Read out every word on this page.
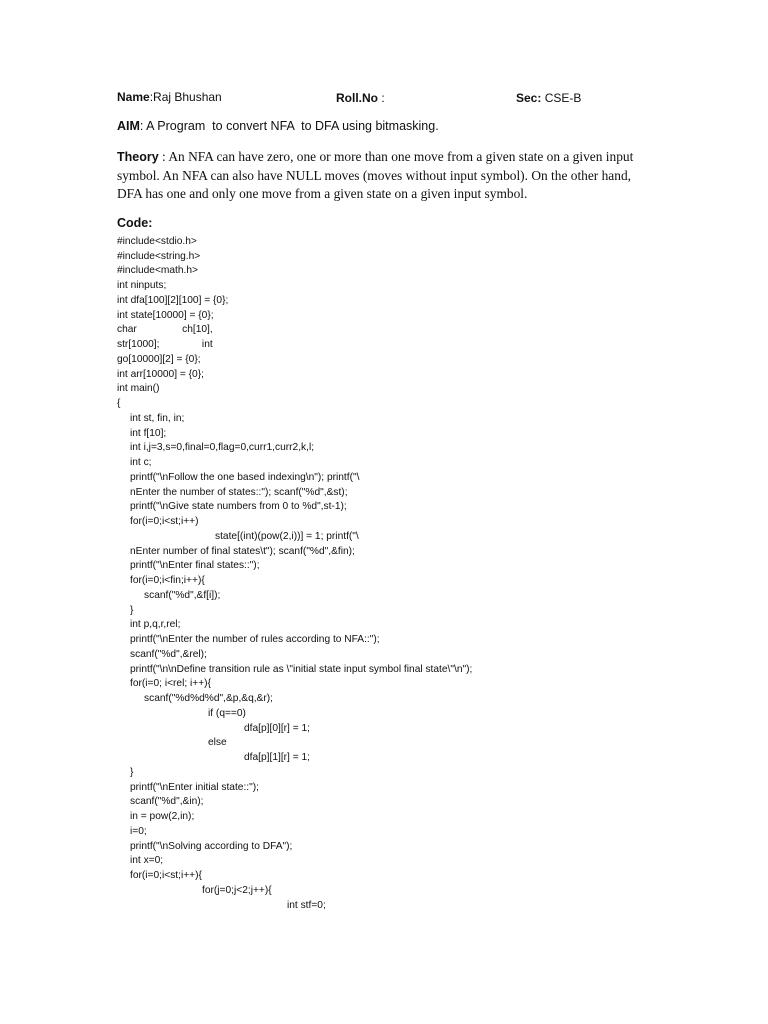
Name:Raj Bhushan	Roll.No :	Sec: CSE-B
AIM: A Program  to convert NFA  to DFA using bitmasking.
Theory : An NFA can have zero, one or more than one move from a given state on a given input symbol. An NFA can also have NULL moves (moves without input symbol). On the other hand, DFA has one and only one move from a given state on a given input symbol.
Code:
#include<stdio.h>
#include<string.h>
#include<math.h>
int ninputs;
int dfa[100][2][100] = {0};
int state[10000] = {0};
char                ch[10],
str[1000];               int
go[10000][2] = {0};
int arr[10000] = {0};
int main()
{
int st, fin, in;
int f[10];
int i,j=3,s=0,final=0,flag=0,curr1,curr2,k,l;
int c;
printf("\nFollow the one based indexing\n"); printf("\
nEnter the number of states::"); scanf("%d",&st);
printf("\nGive state numbers from 0 to %d",st-1);
for(i=0;i<st;i++)
state[(int)(pow(2,i))] = 1; printf("\
nEnter number of final states\t"); scanf("%d",&fin);
printf("\nEnter final states::");
for(i=0;i<fin;i++){
scanf("%d",&f[i]);
}
int p,q,r,rel;
printf("\nEnter the number of rules according to NFA::");
scanf("%d",&rel);
printf("\n\nDefine transition rule as \"initial state input symbol final state\"\n");
for(i=0; i<rel; i++){
scanf("%d%d%d",&p,&q,&r);
if (q==0)
dfa[p][0][r] = 1;
else
dfa[p][1][r] = 1;
}
printf("\nEnter initial state::");
scanf("%d",&in);
in = pow(2,in);
i=0;
printf("\nSolving according to DFA");
int x=0;
for(i=0;i<st;i++){
for(j=0;j<2;j++){
int stf=0;
